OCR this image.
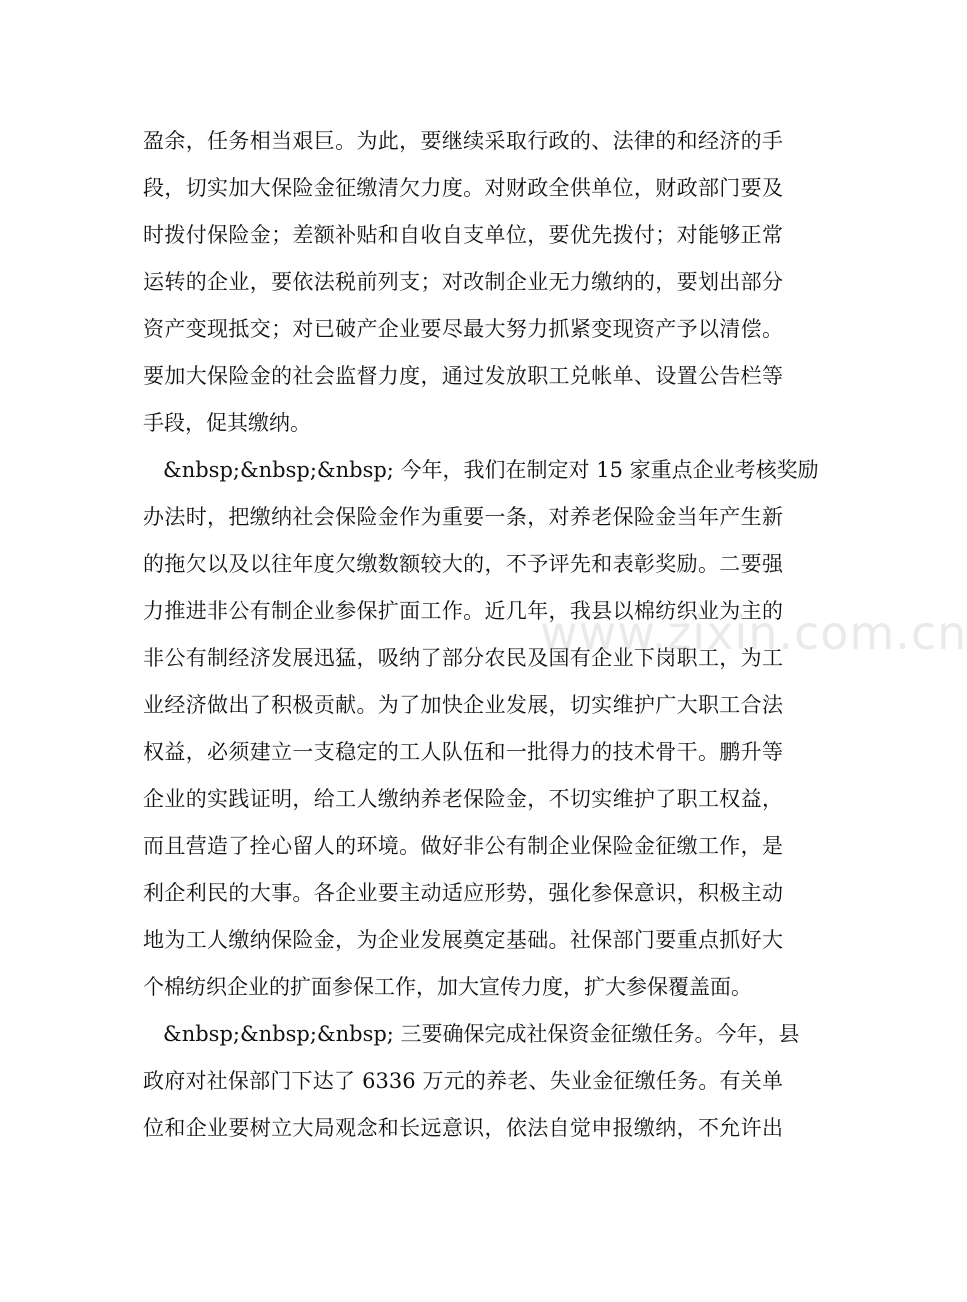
盈余，任务相当艰巨。为此，要继续采取行政的、法律的和经济的手
段，切实加大保险金征缴清欠力度。对财政全供单位，财政部门要及
时拨付保险金；差额补贴和自收自支单位，要优先拨付；对能够正常
运转的企业，要依法税前列支；对改制企业无力缴纳的，要划出部分
资产变现抵交；对已破产企业要尽最大努力抓紧变现资产予以清偿。
要加大保险金的社会监督力度，通过发放职工兑帐单、设置公告栏等
手段，促其缴纳。
&nbsp;&nbsp;&nbsp; 今年，我们在制定对 15 家重点企业考核奖励
办法时，把缴纳社会保险金作为重要一条，对养老保险金当年产生新
的拖欠以及以往年度欠缴数额较大的，不予评先和表彰奖励。二要强
力推进非公有制企业参保扩面工作。近几年，我县以棉纺织业为主的
非公有制经济发展迅猛，吸纳了部分农民及国有企业下岗职工，为工
业经济做出了积极贡献。为了加快企业发展，切实维护广大职工合法
权益，必须建立一支稳定的工人队伍和一批得力的技术骨干。鹏升等
企业的实践证明，给工人缴纳养老保险金，不切实维护了职工权益，
而且营造了拴心留人的环境。做好非公有制企业保险金征缴工作，是
利企利民的大事。各企业要主动适应形势，强化参保意识，积极主动
地为工人缴纳保险金，为企业发展奠定基础。社保部门要重点抓好大
个棉纺织企业的扩面参保工作，加大宣传力度，扩大参保覆盖面。
&nbsp;&nbsp;&nbsp; 三要确保完成社保资金征缴任务。今年，县
政府对社保部门下达了 6336 万元的养老、失业金征缴任务。有关单
位和企业要树立大局观念和长远意识，依法自觉申报缴纳，不允许出
www.zixin.com.cn
